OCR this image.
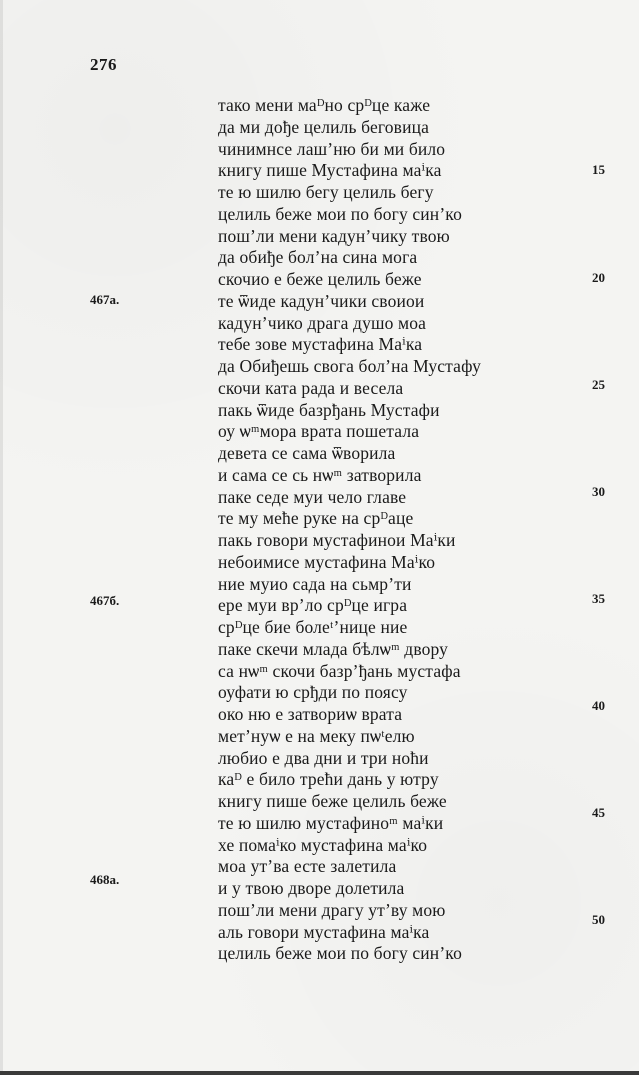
276
тако мени маᴰно срᴰце каже
да ми дође целиль беговица
чинимнсе лаш’ню би ми било
книгу пише Мустафина маⁱка
те ю шилю бегу целиль бегу
целиль беже мои по богу син’ко
пош’ли мени кадун’чику твою
да обиђе бол’на сина мога
скочио е беже целиль беже
те ѿиде кадун’чики своиои
кадун’чико драга душо моа
тебе зове мустафина Маⁱка
да Обиђешь свога бол’на Мустафу
скочи ката рада и весела
пакь ѿиде базрђань Мустафи
оу ѡᵐмора врата пошетала
девета се сама ѿворила
и сама се сь нѡᵐ затворила
паке седе муи чело главе
те му меће руке на срᴰаце
пакь говори мустафинои Маⁱки
небоимисе мустафина Маⁱко
ние муио сада на сьмр’ти
ере муи вр’ло срᴰце игра
срᴰце бие болеᵗ’нице ние
паке скечи млада бѣлѡᵐ двору
са нѡᵐ скочи базр’ђань мустафа
оуфати ю срђди по поясу
око ню е затвориѡ врата
мет’нуѡ е на меку пѡᵗелю
любио е два дни и три ноћи
каᴰ е било трећи дань у ютру
книгу пише беже целиль беже
те ю шилю мустафиноᵐ маⁱки
хе помаⁱко мустафина маⁱко
моа ут’ва есте залетила
и у твою дворе долетила
пош’ли мени драгу ут’ву мою
аль говори мустафина маⁱка
целиль беже мои по богу син’ко
15
20
25
30
35
40
45
50
467а.
467б.
468а.
